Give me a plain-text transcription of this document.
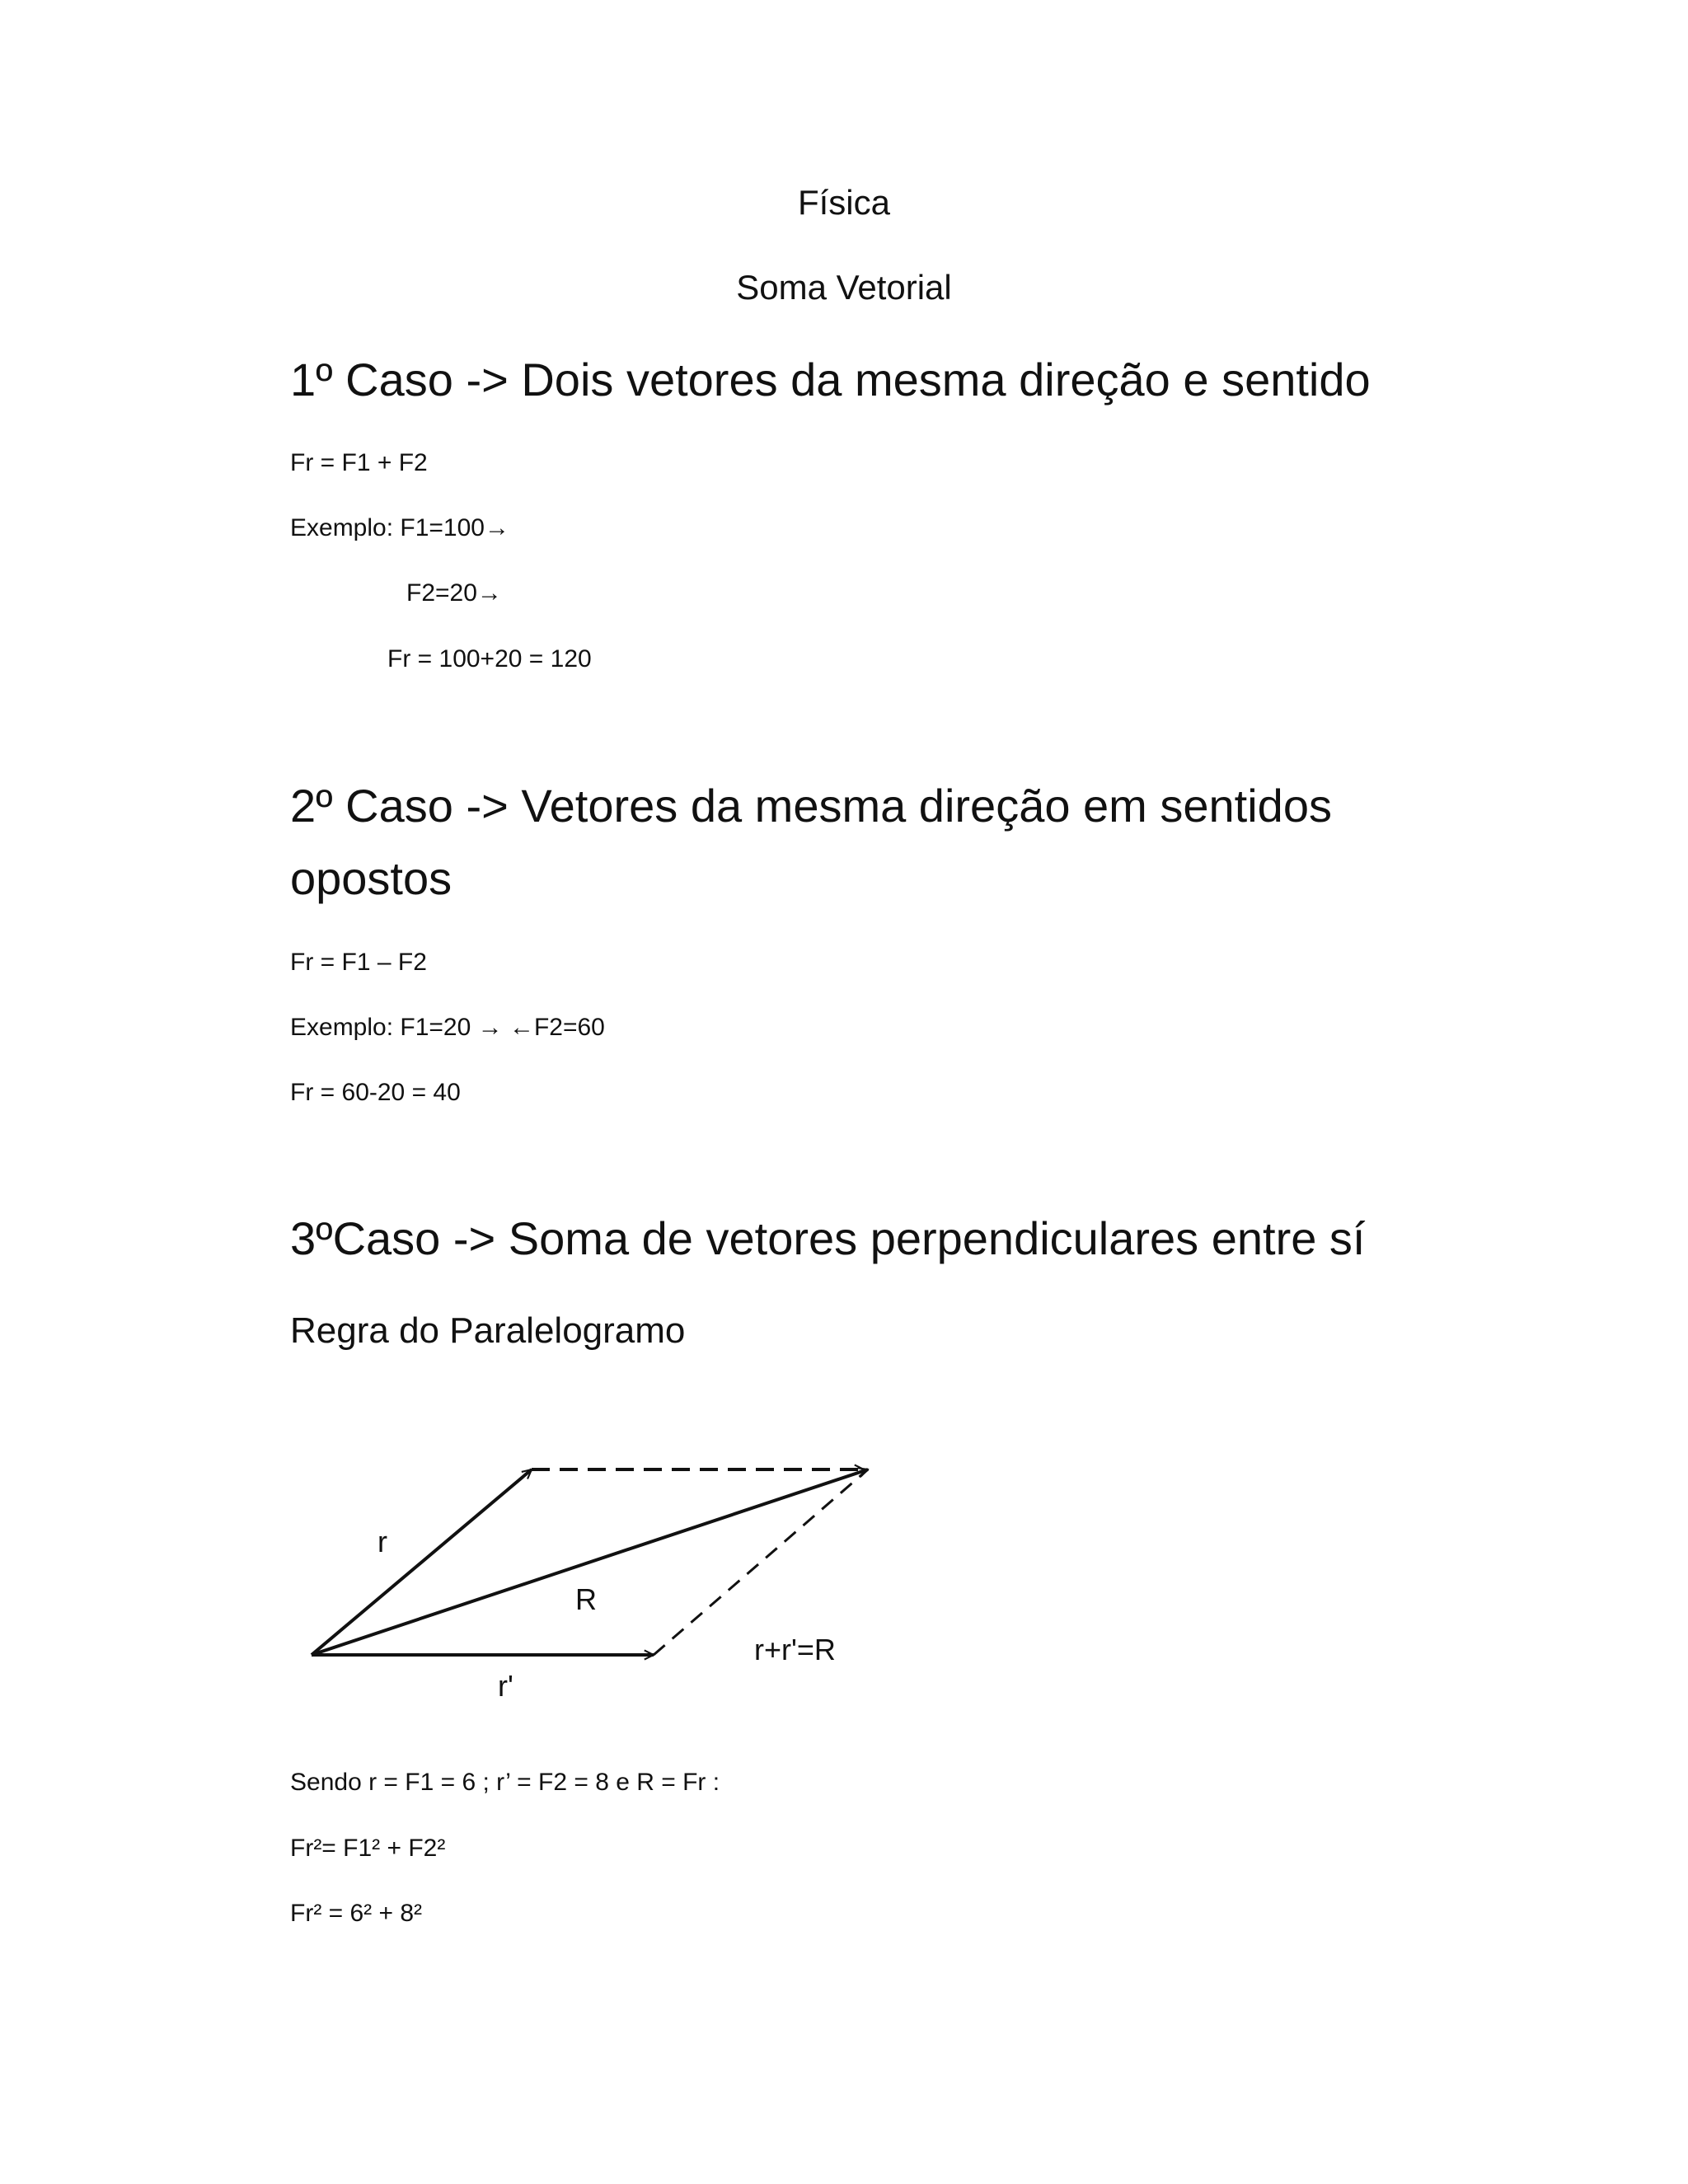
Física
Soma Vetorial
1º Caso -> Dois vetores da mesma direção e sentido
Fr = F1 + F2
Exemplo: F1=100→
F2=20→
Fr = 100+20 = 120
2º Caso -> Vetores da mesma direção em sentidos
opostos
Fr = F1 – F2
Exemplo: F1=20 → ←F2=60
Fr = 60-20 = 40
3ºCaso -> Soma de vetores perpendiculares entre sí
Regra do Paralelogramo
r
R
r'
r+r'=R
Sendo r = F1 = 6 ; r’ = F2 = 8 e R = Fr :
Fr²= F1² + F2²
Fr² = 6² + 8²
